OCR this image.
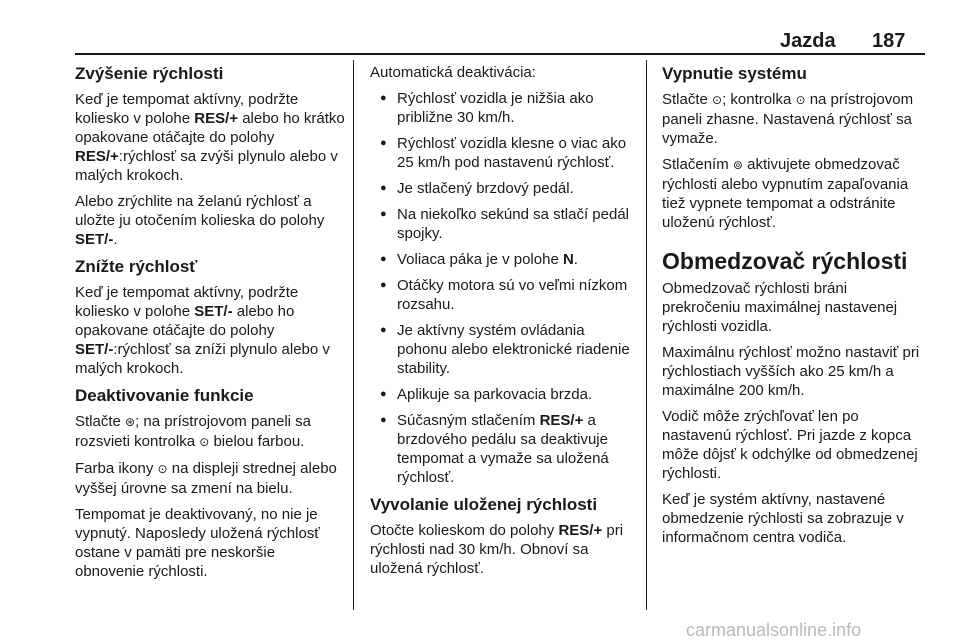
Jazda 187
Zvýšenie rýchlosti

Keď je tempomat aktívny, podržte koliesko v polohe RES/+ alebo ho krátko opakovane otáčajte do polohy RES/+:rýchlosť sa zvýši plynulo alebo v malých krokoch.

Alebo zrýchlite na želanú rýchlosť a uložte ju otočením kolieska do polohy SET/-.

Znížte rýchlosť

Keď je tempomat aktívny, podržte koliesko v polohe SET/- alebo ho opakovane otáčajte do polohy SET/-:rýchlosť sa zníži plynulo alebo v malých krokoch.

Deaktivovanie funkcie

Stlačte ⊛; na prístrojovom paneli sa rozsvieti kontrolka ⊙ bielou farbou.

Farba ikony ⊙ na displeji strednej alebo vyššej úrovne sa zmení na bielu.

Tempomat je deaktivovaný, no nie je vypnutý. Naposledy uložená rýchlosť ostane v pamäti pre neskoršie obnovenie rýchlosti.

Automatická deaktivácia:

● Rýchlosť vozidla je nižšia ako približne 30 km/h.
● Rýchlosť vozidla klesne o viac ako 25 km/h pod nastavenú rýchlosť.
● Je stlačený brzdový pedál.
● Na niekoľko sekúnd sa stlačí pedál spojky.
● Voliaca páka je v polohe N.
● Otáčky motora sú vo veľmi nízkom rozsahu.
● Je aktívny systém ovládania pohonu alebo elektronické riadenie stability.
● Aplikuje sa parkovacia brzda.
● Súčasným stlačením RES/+ a brzdového pedálu sa deaktivuje tempomat a vymaže sa uložená rýchlosť.
Vyvolanie uloženej rýchlosti

Otočte kolieskom do polohy RES/+ pri rýchlosti nad 30 km/h. Obnoví sa uložená rýchlosť.

Vypnutie systému

Stlačte ⊙; kontrolka ⊙ na prístrojovom paneli zhasne. Nastavená rýchlosť sa vymaže.

Stlačením ⊚ aktivujete obmedzovač rýchlosti alebo vypnutím zapaľovania tiež vypnete tempomat a odstránite uloženú rýchlosť.

Obmedzovač rýchlosti

Obmedzovač rýchlosti bráni prekročeniu maximálnej nastavenej rýchlosti vozidla.

Maximálnu rýchlosť možno nastaviť pri rýchlostiach vyšších ako 25 km/h a maximálne 200 km/h.

Vodič môže zrýchľovať len po nastavenú rýchlosť. Pri jazde z kopca môže dôjsť k odchýlke od obmedzenej rýchlosti.

Keď je systém aktívny, nastavené obmedzenie rýchlosti sa zobrazuje v informačnom centra vodiča.

carmanualsonline.info
